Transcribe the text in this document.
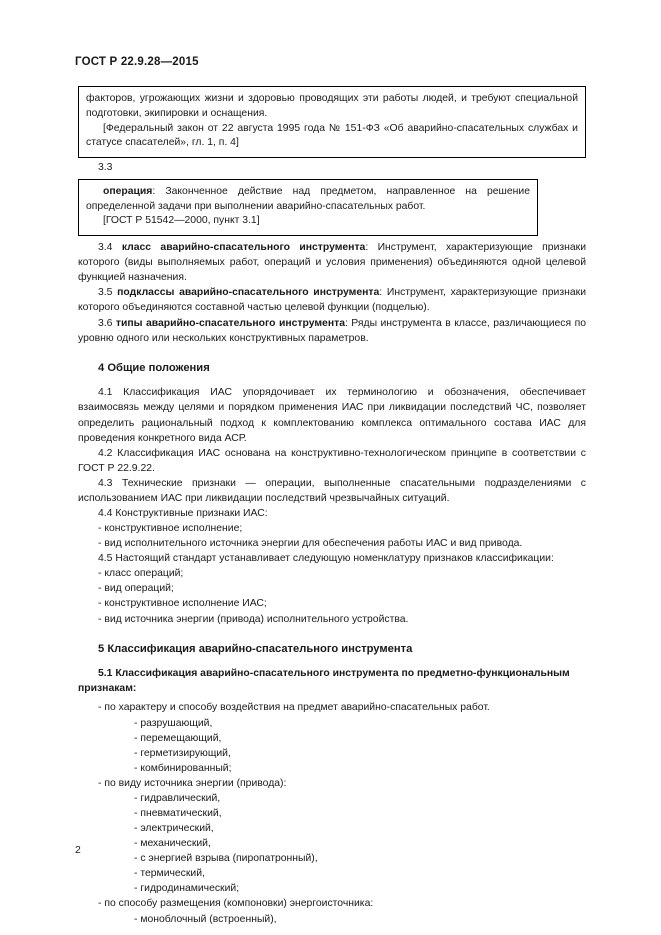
ГОСТ Р 22.9.28—2015

факторов, угрожающих жизни и здоровью проводящих эти работы людей, и требуют специальной подготовки, экипировки и оснащения.

[Федеральный закон от 22 августа 1995 года № 151-ФЗ «Об аварийно-спасательных службах и статусе спасателей», гл. 1, п. 4]

3.3

операция: Законченное действие над предметом, направленное на решение определенной задачи при выполнении аварийно-спасательных работ.

[ГОСТ Р 51542—2000, пункт 3.1]

3.4 класс аварийно-спасательного инструмента: Инструмент, характеризующие признаки которого (виды выполняемых работ, операций и условия применения) объединяются одной целевой функцией назначения.

3.5 подклассы аварийно-спасательного инструмента: Инструмент, характеризующие признаки которого объединяются составной частью целевой функции (подцелью).

3.6 типы аварийно-спасательного инструмента: Ряды инструмента в классе, различающиеся по уровню одного или нескольких конструктивных параметров.

4 Общие положения

4.1 Классификация ИАС упорядочивает их терминологию и обозначения, обеспечивает взаимосвязь между целями и порядком применения ИАС при ликвидации последствий ЧС, позволяет определить рациональный подход к комплектованию комплекса оптимального состава ИАС для проведения конкретного вида АСР.

4.2 Классификация ИАС основана на конструктивно-технологическом принципе в соответствии с ГОСТ Р 22.9.22.

4.3 Технические признаки — операции, выполненные спасательными подразделениями с использованием ИАС при ликвидации последствий чрезвычайных ситуаций.

4.4 Конструктивные признаки ИАС:

- конструктивное исполнение;
- вид исполнительного источника энергии для обеспечения работы ИАС и вид привода.

4.5 Настоящий стандарт устанавливает следующую номенклатуру признаков классификации:

- класс операций;
- вид операций;
- конструктивное исполнение ИАС;
- вид источника энергии (привода) исполнительного устройства.
5 Классификация аварийно-спасательного инструмента
5.1 Классификация аварийно-спасательного инструмента по предметно-функциональным
признакам:
- по характеру и способу воздействия на предмет аварийно-спасательных работ.
- разрушающий,
- перемещающий,
- герметизирующий,
- комбинированный;
- по виду источника энергии (привода):
- гидравлический,
- пневматический,
- электрический,
- механический,
- с энергией взрыва (пиропатронный),
- термический,
- гидродинамический;
- по способу размещения (компоновки) энергоисточника:
- моноблочный (встроенный),
2
